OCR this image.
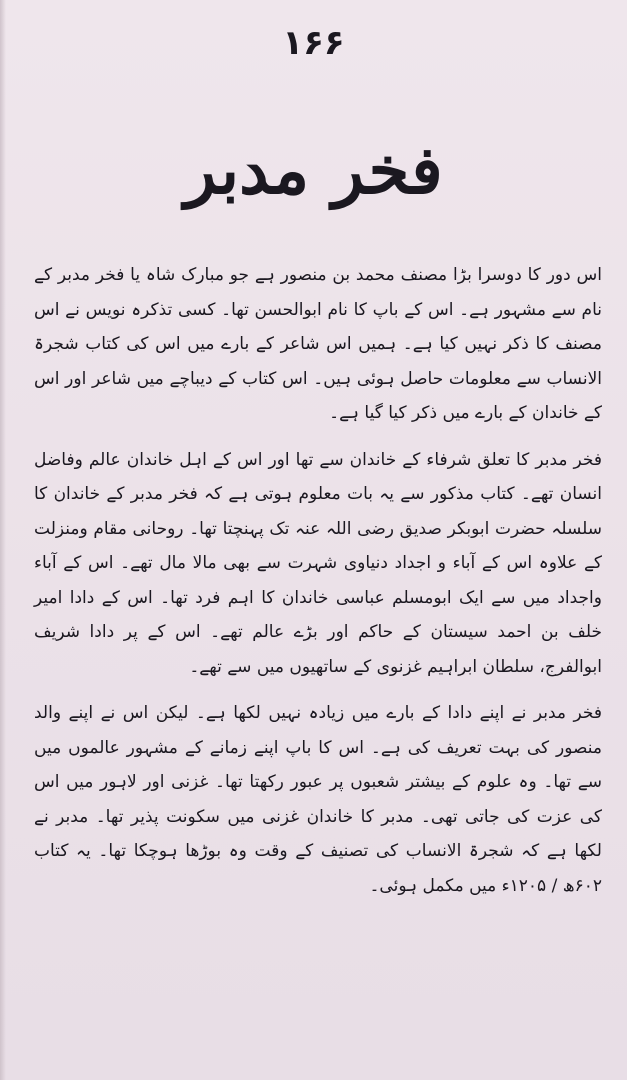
۱۶۶
فخر مدبر

اس دور کا دوسرا بڑا مصنف محمد بن منصور ہے جو مبارک شاہ یا فخر مدبر کے نام سے مشہور ہے۔ اس کے باپ کا نام ابوالحسن تھا۔ کسی تذکرہ نویس نے اس مصنف کا ذکر نہیں کیا ہے۔ ہمیں اس شاعر کے بارے میں اس کی کتاب شجرۃ الانساب سے معلومات حاصل ہوئی ہیں۔ اس کتاب کے دیباچے میں شاعر اور اس کے خاندان کے بارے میں ذکر کیا گیا ہے۔

فخر مدبر کا تعلق شرفاء کے خاندان سے تھا اور اس کے اہل خاندان عالم وفاضل انسان تھے۔ کتاب مذکور سے یہ بات معلوم ہوتی ہے کہ فخر مدبر کے خاندان کا سلسلہ حضرت ابوبکر صدیق رضی اللہ عنہ تک پہنچتا تھا۔ روحانی مقام ومنزلت کے علاوہ اس کے آباء و اجداد دنیاوی شہرت سے بھی مالا مال تھے۔ اس کے آباء واجداد میں سے ایک ابومسلم عباسی خاندان کا اہم فرد تھا۔ اس کے دادا امیر خلف بن احمد سیستان کے حاکم اور بڑے عالم تھے۔ اس کے پر دادا شریف ابوالفرج، سلطان ابراہیم غزنوی کے ساتھیوں میں سے تھے۔

فخر مدبر نے اپنے دادا کے بارے میں زیادہ نہیں لکھا ہے۔ لیکن اس نے اپنے والد منصور کی بہت تعریف کی ہے۔ اس کا باپ اپنے زمانے کے مشہور عالموں میں سے تھا۔ وہ علوم کے بیشتر شعبوں پر عبور رکھتا تھا۔ غزنی اور لاہور میں اس کی عزت کی جاتی تھی۔ مدبر کا خاندان غزنی میں سکونت پذیر تھا۔ مدبر نے لکھا ہے کہ شجرۃ الانساب کی تصنیف کے وقت وہ بوڑھا ہوچکا تھا۔ یہ کتاب ۶۰۲ھ / ۱۲۰۵ء میں مکمل ہوئی۔
